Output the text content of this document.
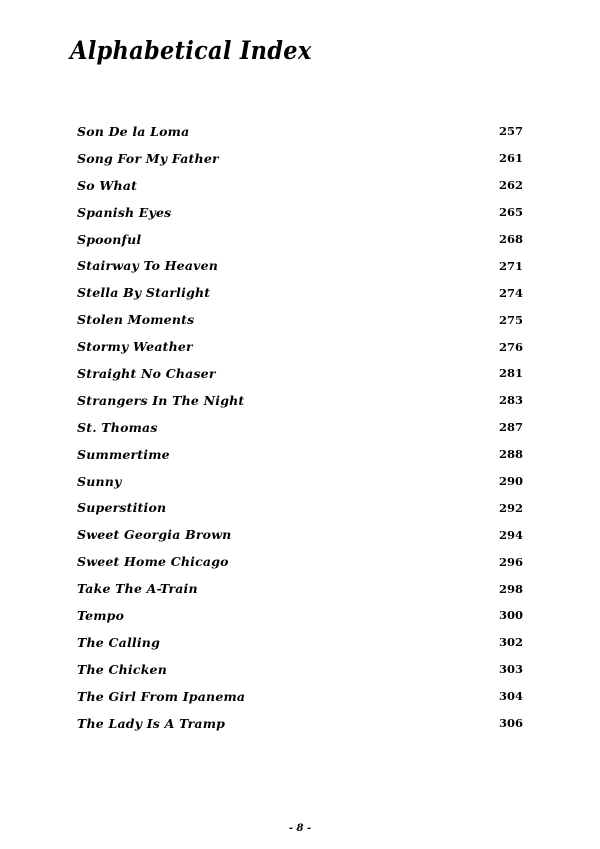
Alphabetical Index
Son De la Loma	257
Song For My Father	261
So What	262
Spanish Eyes	265
Spoonful	268
Stairway To Heaven	271
Stella By Starlight	274
Stolen Moments	275
Stormy Weather	276
Straight No Chaser	281
Strangers In The Night	283
St. Thomas	287
Summertime	288
Sunny	290
Superstition	292
Sweet Georgia Brown	294
Sweet Home Chicago	296
Take The A-Train	298
Tempo	300
The Calling	302
The Chicken	303
The Girl From Ipanema	304
The Lady Is A Tramp	306
- 8 -
